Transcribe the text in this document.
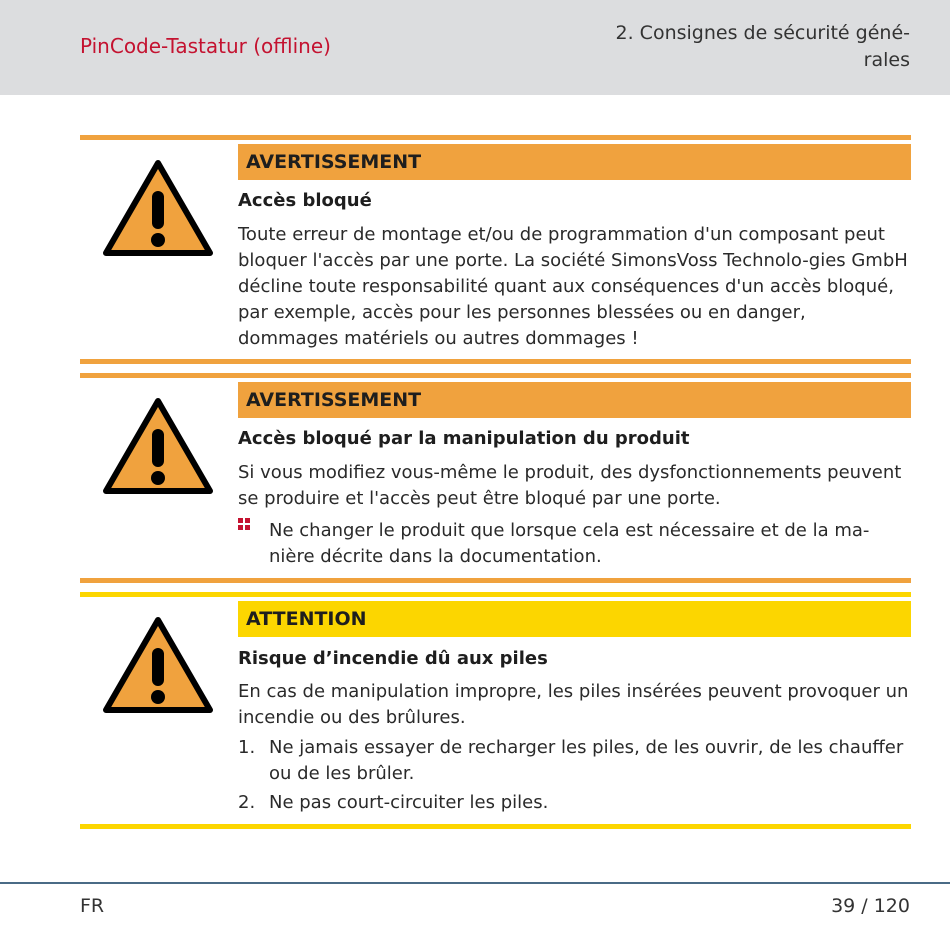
PinCode-Tastatur (offline)
2. Consignes de sécurité géné-
rales
AVERTISSEMENT
Accès bloqué
Toute erreur de montage et/ou de programmation d'un composant peut bloquer l'accès par une porte. La société SimonsVoss Technolo-gies GmbH décline toute responsabilité quant aux conséquences d'un accès bloqué, par exemple, accès pour les personnes blessées ou en danger, dommages matériels ou autres dommages !
AVERTISSEMENT
Accès bloqué par la manipulation du produit
Si vous modifiez vous-même le produit, des dysfonctionnements peuvent se produire et l'accès peut être bloqué par une porte.
Ne changer le produit que lorsque cela est nécessaire et de la ma-nière décrite dans la documentation.
ATTENTION
Risque d’incendie dû aux piles
En cas de manipulation impropre, les piles insérées peuvent provoquer un incendie ou des brûlures.
1. Ne jamais essayer de recharger les piles, de les ouvrir, de les chauffer ou de les brûler.
2. Ne pas court-circuiter les piles.
FR	39 / 120
